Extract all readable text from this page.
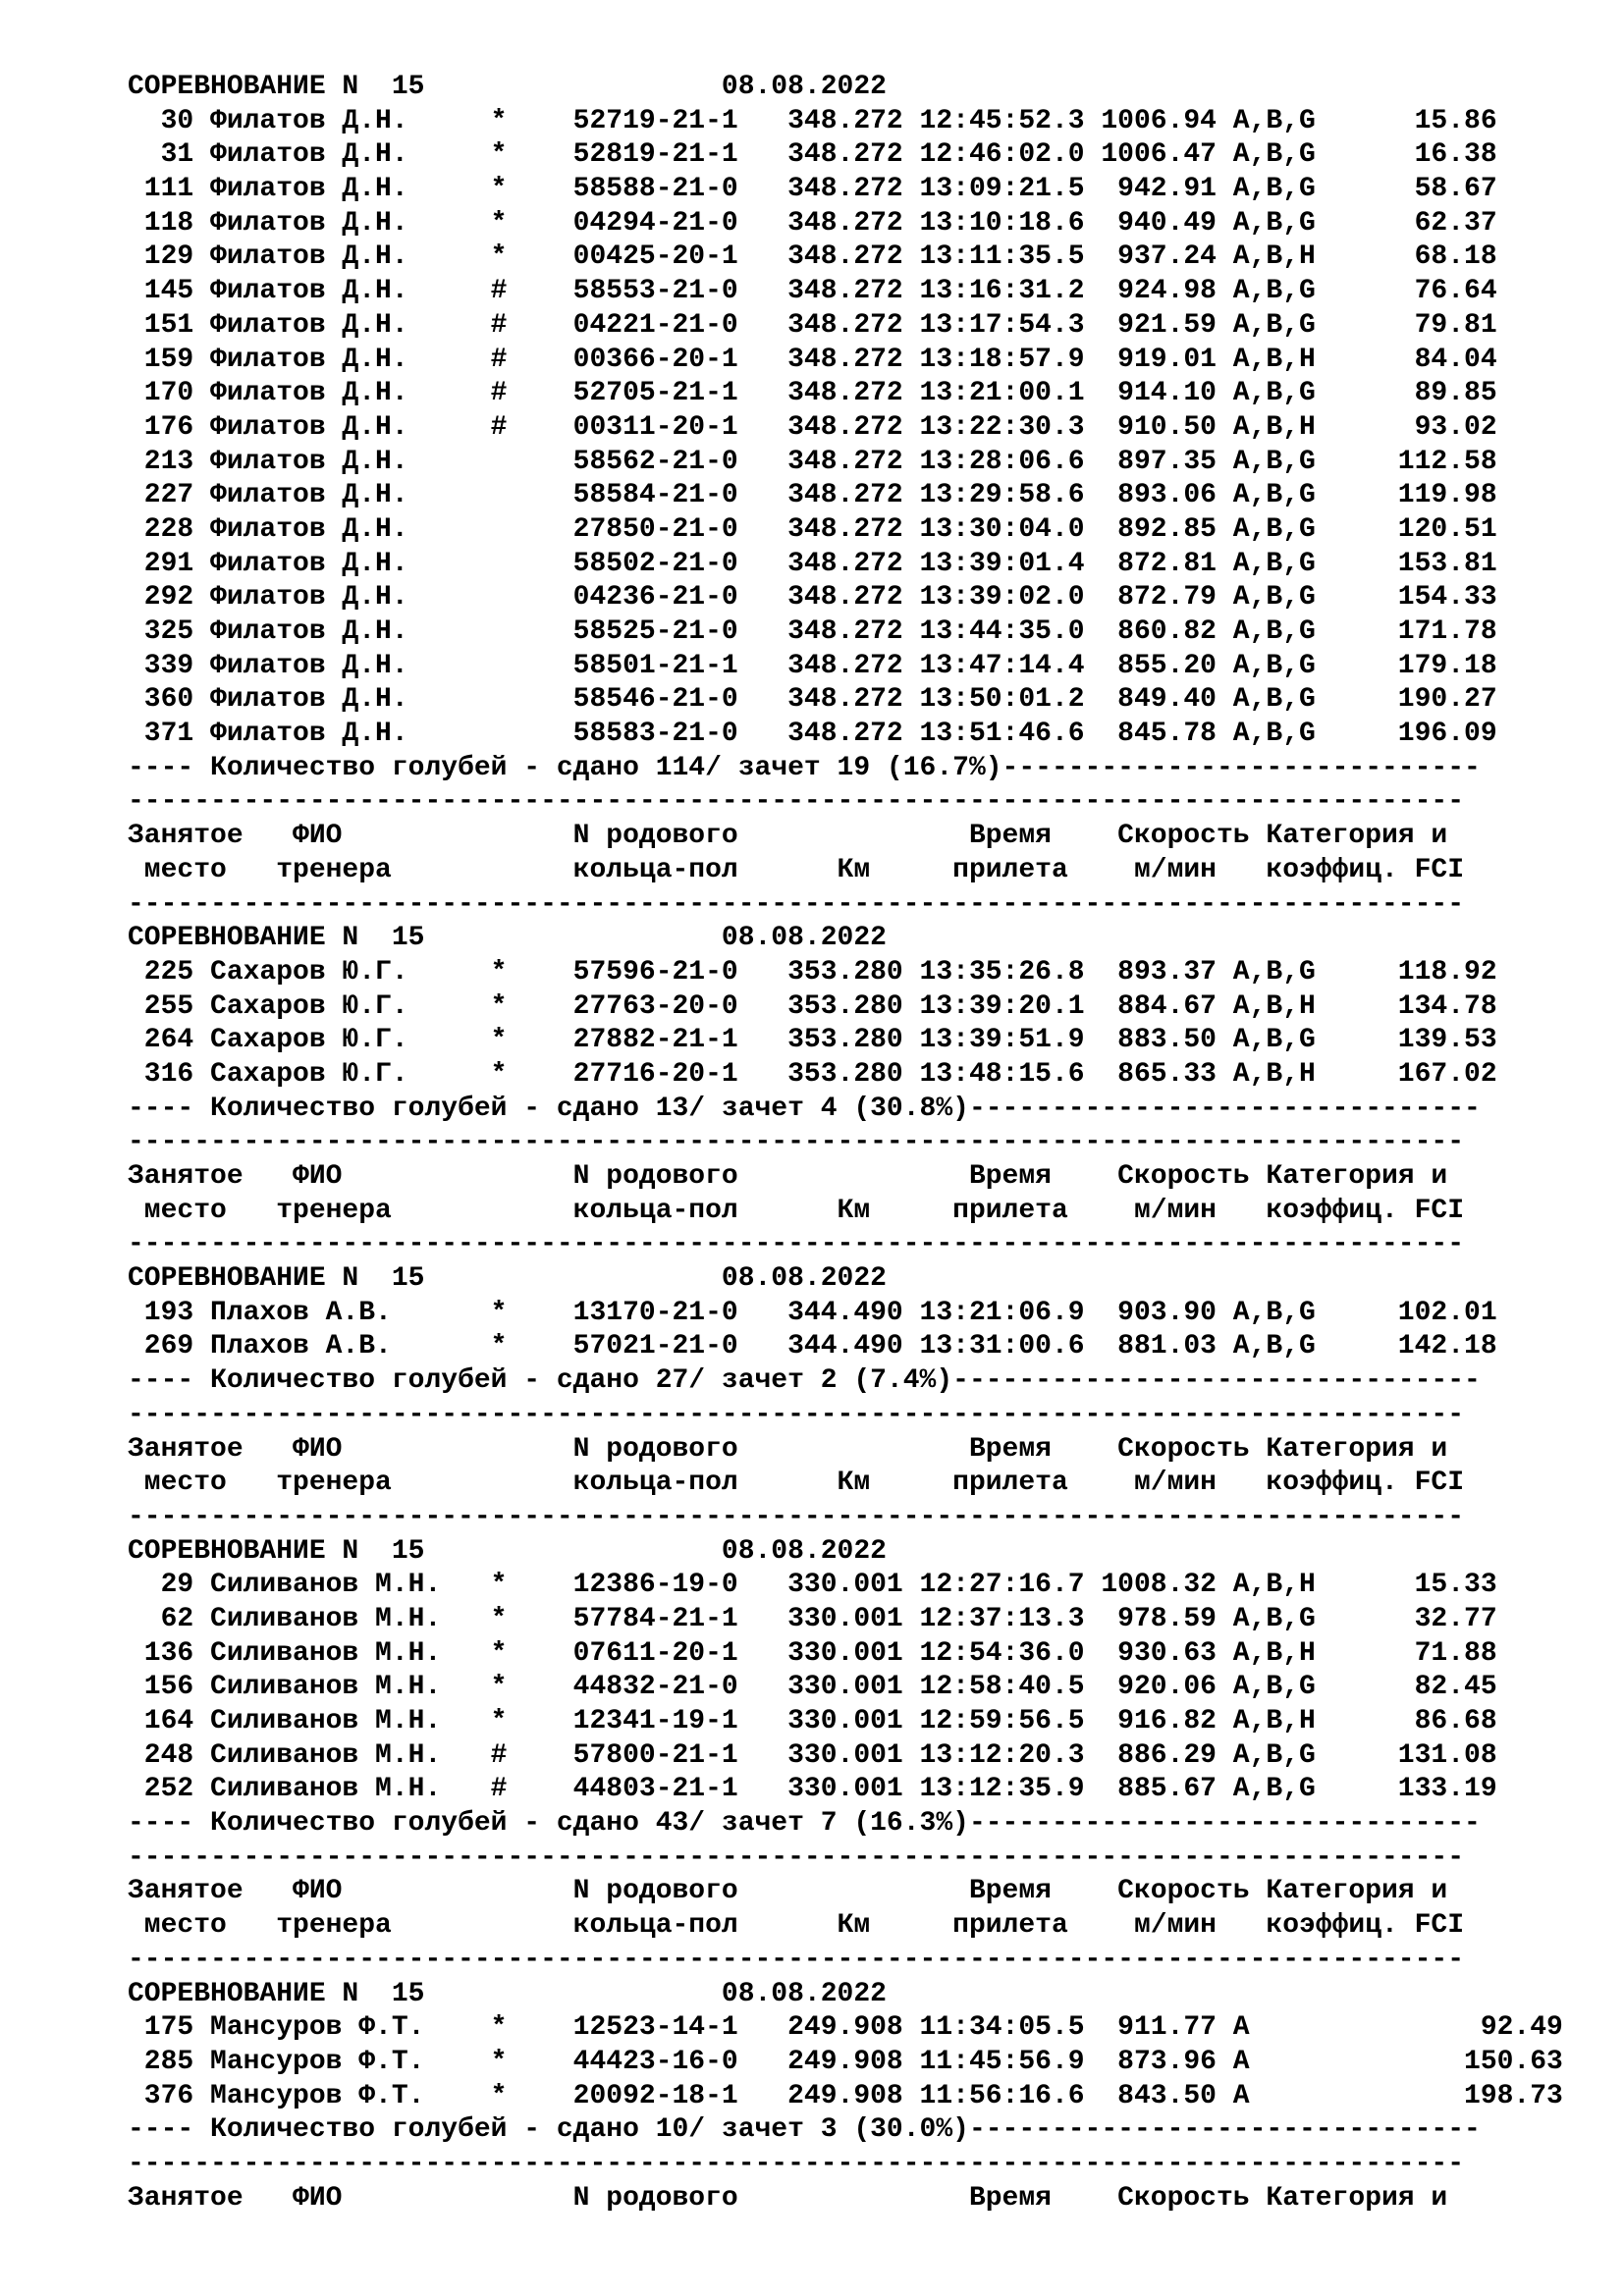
СОРЕВНОВАНИЕ N  15                  08.08.2022
30 Филатов Д.Н.     *    52719-21-1   348.272 12:45:52.3 1006.94 A,B,G      15.86
31 Филатов Д.Н.     *    52819-21-1   348.272 12:46:02.0 1006.47 A,B,G      16.38
111 Филатов Д.Н.     *    58588-21-0   348.272 13:09:21.5  942.91 A,B,G      58.67
118 Филатов Д.Н.     *    04294-21-0   348.272 13:10:18.6  940.49 A,B,G      62.37
129 Филатов Д.Н.     *    00425-20-1   348.272 13:11:35.5  937.24 A,B,H      68.18
145 Филатов Д.Н.     #    58553-21-0   348.272 13:16:31.2  924.98 A,B,G      76.64
151 Филатов Д.Н.     #    04221-21-0   348.272 13:17:54.3  921.59 A,B,G      79.81
159 Филатов Д.Н.     #    00366-20-1   348.272 13:18:57.9  919.01 A,B,H      84.04
170 Филатов Д.Н.     #    52705-21-1   348.272 13:21:00.1  914.10 A,B,G      89.85
176 Филатов Д.Н.     #    00311-20-1   348.272 13:22:30.3  910.50 A,B,H      93.02
213 Филатов Д.Н.          58562-21-0   348.272 13:28:06.6  897.35 A,B,G     112.58
227 Филатов Д.Н.          58584-21-0   348.272 13:29:58.6  893.06 A,B,G     119.98
228 Филатов Д.Н.          27850-21-0   348.272 13:30:04.0  892.85 A,B,G     120.51
291 Филатов Д.Н.          58502-21-0   348.272 13:39:01.4  872.81 A,B,G     153.81
292 Филатов Д.Н.          04236-21-0   348.272 13:39:02.0  872.79 A,B,G     154.33
325 Филатов Д.Н.          58525-21-0   348.272 13:44:35.0  860.82 A,B,G     171.78
339 Филатов Д.Н.          58501-21-1   348.272 13:47:14.4  855.20 A,B,G     179.18
360 Филатов Д.Н.          58546-21-0   348.272 13:50:01.2  849.40 A,B,G     190.27
371 Филатов Д.Н.          58583-21-0   348.272 13:51:46.6  845.78 A,B,G     196.09
---- Количество голубей - сдано 114/ зачет 19 (16.7%)-----------------------------
---------------------------------------------------------------------------------
Занятое   ФИО              N родового              Время    Скорость Категория и
место   тренера           кольца-пол      Км     прилета    м/мин   коэффиц. FCI
---------------------------------------------------------------------------------
СОРЕВНОВАНИЕ N  15                  08.08.2022
225 Сахаров Ю.Г.     *    57596-21-0   353.280 13:35:26.8  893.37 A,B,G     118.92
255 Сахаров Ю.Г.     *    27763-20-0   353.280 13:39:20.1  884.67 A,B,H     134.78
264 Сахаров Ю.Г.     *    27882-21-1   353.280 13:39:51.9  883.50 A,B,G     139.53
316 Сахаров Ю.Г.     *    27716-20-1   353.280 13:48:15.6  865.33 A,B,H     167.02
---- Количество голубей - сдано 13/ зачет 4 (30.8%)-------------------------------
---------------------------------------------------------------------------------
Занятое   ФИО              N родового              Время    Скорость Категория и
место   тренера           кольца-пол      Км     прилета    м/мин   коэффиц. FCI
---------------------------------------------------------------------------------
СОРЕВНОВАНИЕ N  15                  08.08.2022
193 Плахов А.В.      *    13170-21-0   344.490 13:21:06.9  903.90 A,B,G     102.01
269 Плахов А.В.      *    57021-21-0   344.490 13:31:00.6  881.03 A,B,G     142.18
---- Количество голубей - сдано 27/ зачет 2 (7.4%)--------------------------------
---------------------------------------------------------------------------------
Занятое   ФИО              N родового              Время    Скорость Категория и
место   тренера           кольца-пол      Км     прилета    м/мин   коэффиц. FCI
---------------------------------------------------------------------------------
СОРЕВНОВАНИЕ N  15                  08.08.2022
29 Силиванов М.Н.   *    12386-19-0   330.001 12:27:16.7 1008.32 A,B,H      15.33
62 Силиванов М.Н.   *    57784-21-1   330.001 12:37:13.3  978.59 A,B,G      32.77
136 Силиванов М.Н.   *    07611-20-1   330.001 12:54:36.0  930.63 A,B,H      71.88
156 Силиванов М.Н.   *    44832-21-0   330.001 12:58:40.5  920.06 A,B,G      82.45
164 Силиванов М.Н.   *    12341-19-1   330.001 12:59:56.5  916.82 A,B,H      86.68
248 Силиванов М.Н.   #    57800-21-1   330.001 13:12:20.3  886.29 A,B,G     131.08
252 Силиванов М.Н.   #    44803-21-1   330.001 13:12:35.9  885.67 A,B,G     133.19
---- Количество голубей - сдано 43/ зачет 7 (16.3%)-------------------------------
---------------------------------------------------------------------------------
Занятое   ФИО              N родового              Время    Скорость Категория и
место   тренера           кольца-пол      Км     прилета    м/мин   коэффиц. FCI
---------------------------------------------------------------------------------
СОРЕВНОВАНИЕ N  15                  08.08.2022
175 Мансуров Ф.Т.    *    12523-14-1   249.908 11:34:05.5  911.77 A              92.49
285 Мансуров Ф.Т.    *    44423-16-0   249.908 11:45:56.9  873.96 A             150.63
376 Мансуров Ф.Т.    *    20092-18-1   249.908 11:56:16.6  843.50 A             198.73
---- Количество голубей - сдано 10/ зачет 3 (30.0%)-------------------------------
---------------------------------------------------------------------------------
Занятое   ФИО              N родового              Время    Скорость Категория и
